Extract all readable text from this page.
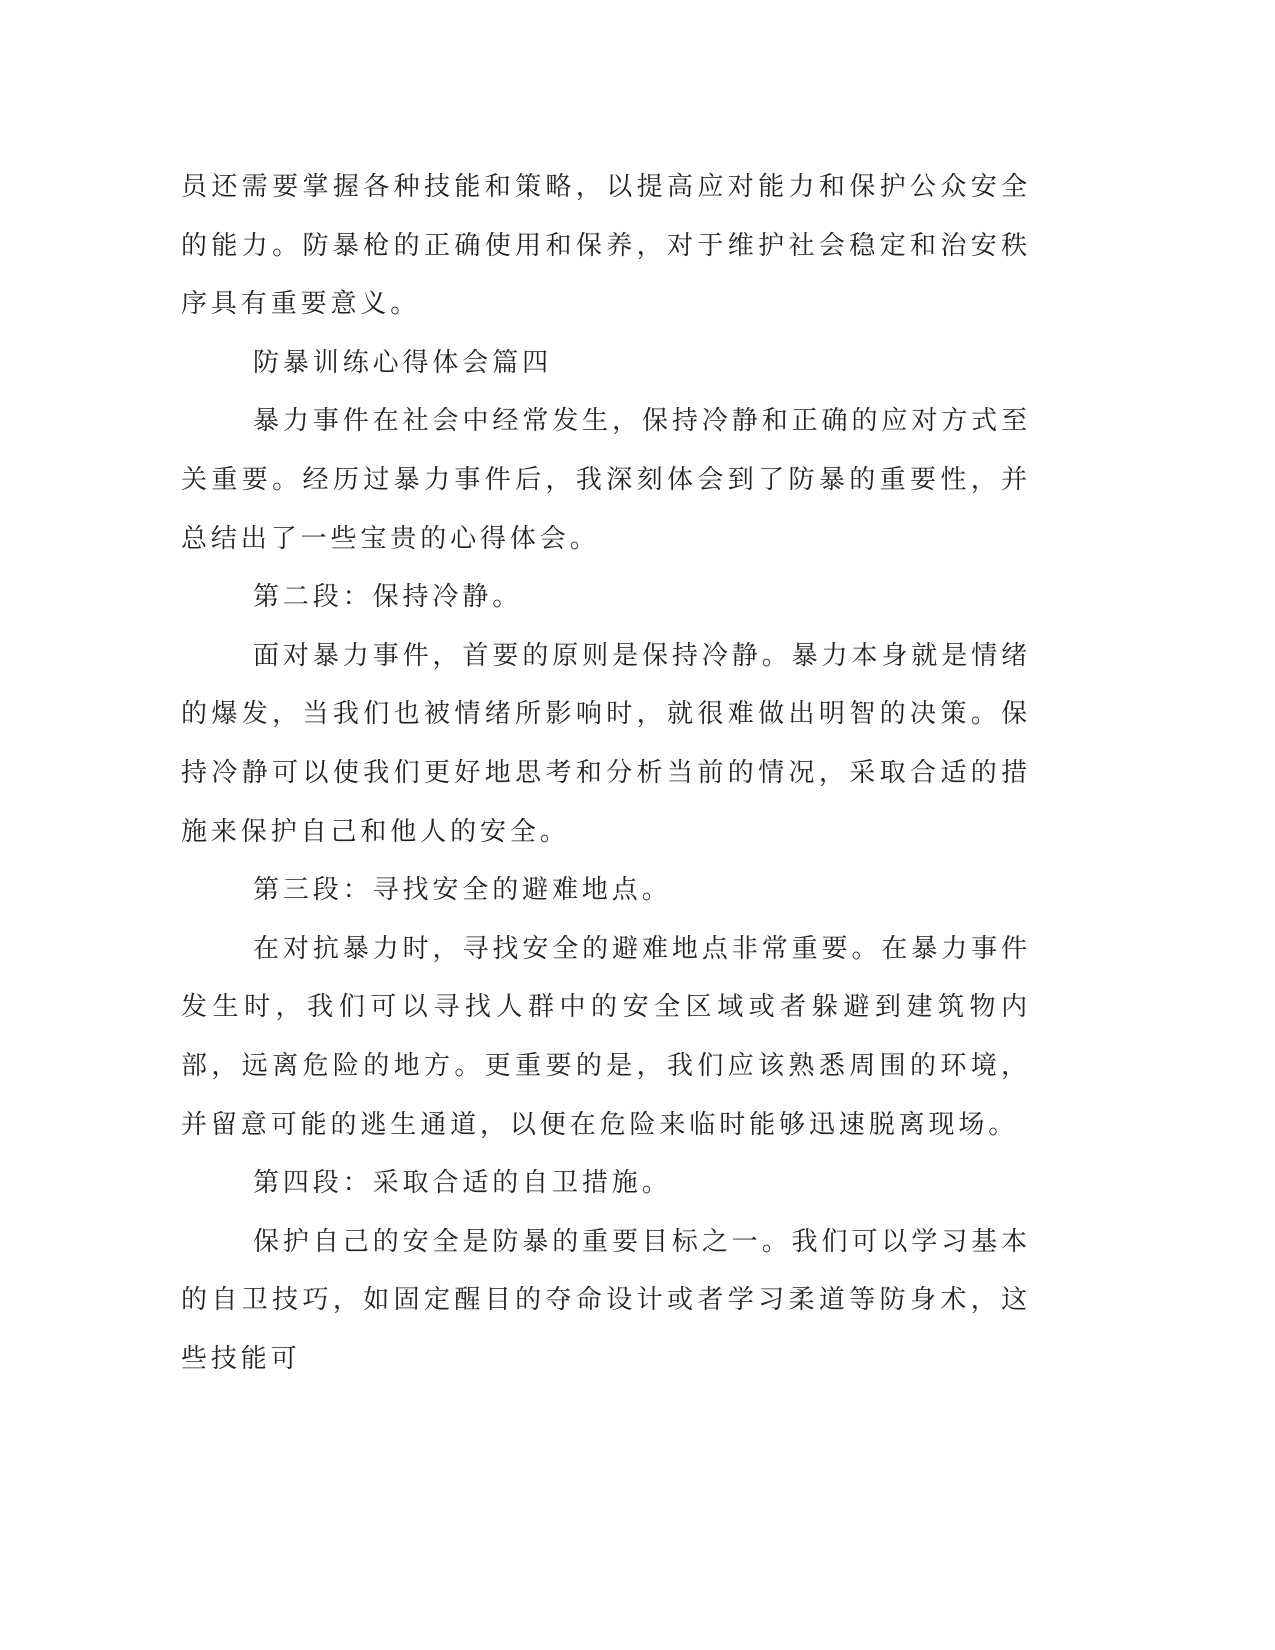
员还需要掌握各种技能和策略，以提高应对能力和保护公众安全的能力。防暴枪的正确使用和保养，对于维护社会稳定和治安秩序具有重要意义。

防暴训练心得体会篇四

暴力事件在社会中经常发生，保持冷静和正确的应对方式至关重要。经历过暴力事件后，我深刻体会到了防暴的重要性，并总结出了一些宝贵的心得体会。

第二段：保持冷静。

面对暴力事件，首要的原则是保持冷静。暴力本身就是情绪的爆发，当我们也被情绪所影响时，就很难做出明智的决策。保持冷静可以使我们更好地思考和分析当前的情况，采取合适的措施来保护自己和他人的安全。

第三段：寻找安全的避难地点。

在对抗暴力时，寻找安全的避难地点非常重要。在暴力事件发生时，我们可以寻找人群中的安全区域或者躲避到建筑物内部，远离危险的地方。更重要的是，我们应该熟悉周围的环境，并留意可能的逃生通道，以便在危险来临时能够迅速脱离现场。

第四段：采取合适的自卫措施。

保护自己的安全是防暴的重要目标之一。我们可以学习基本的自卫技巧，如固定醒目的夺命设计或者学习柔道等防身术，这些技能可
